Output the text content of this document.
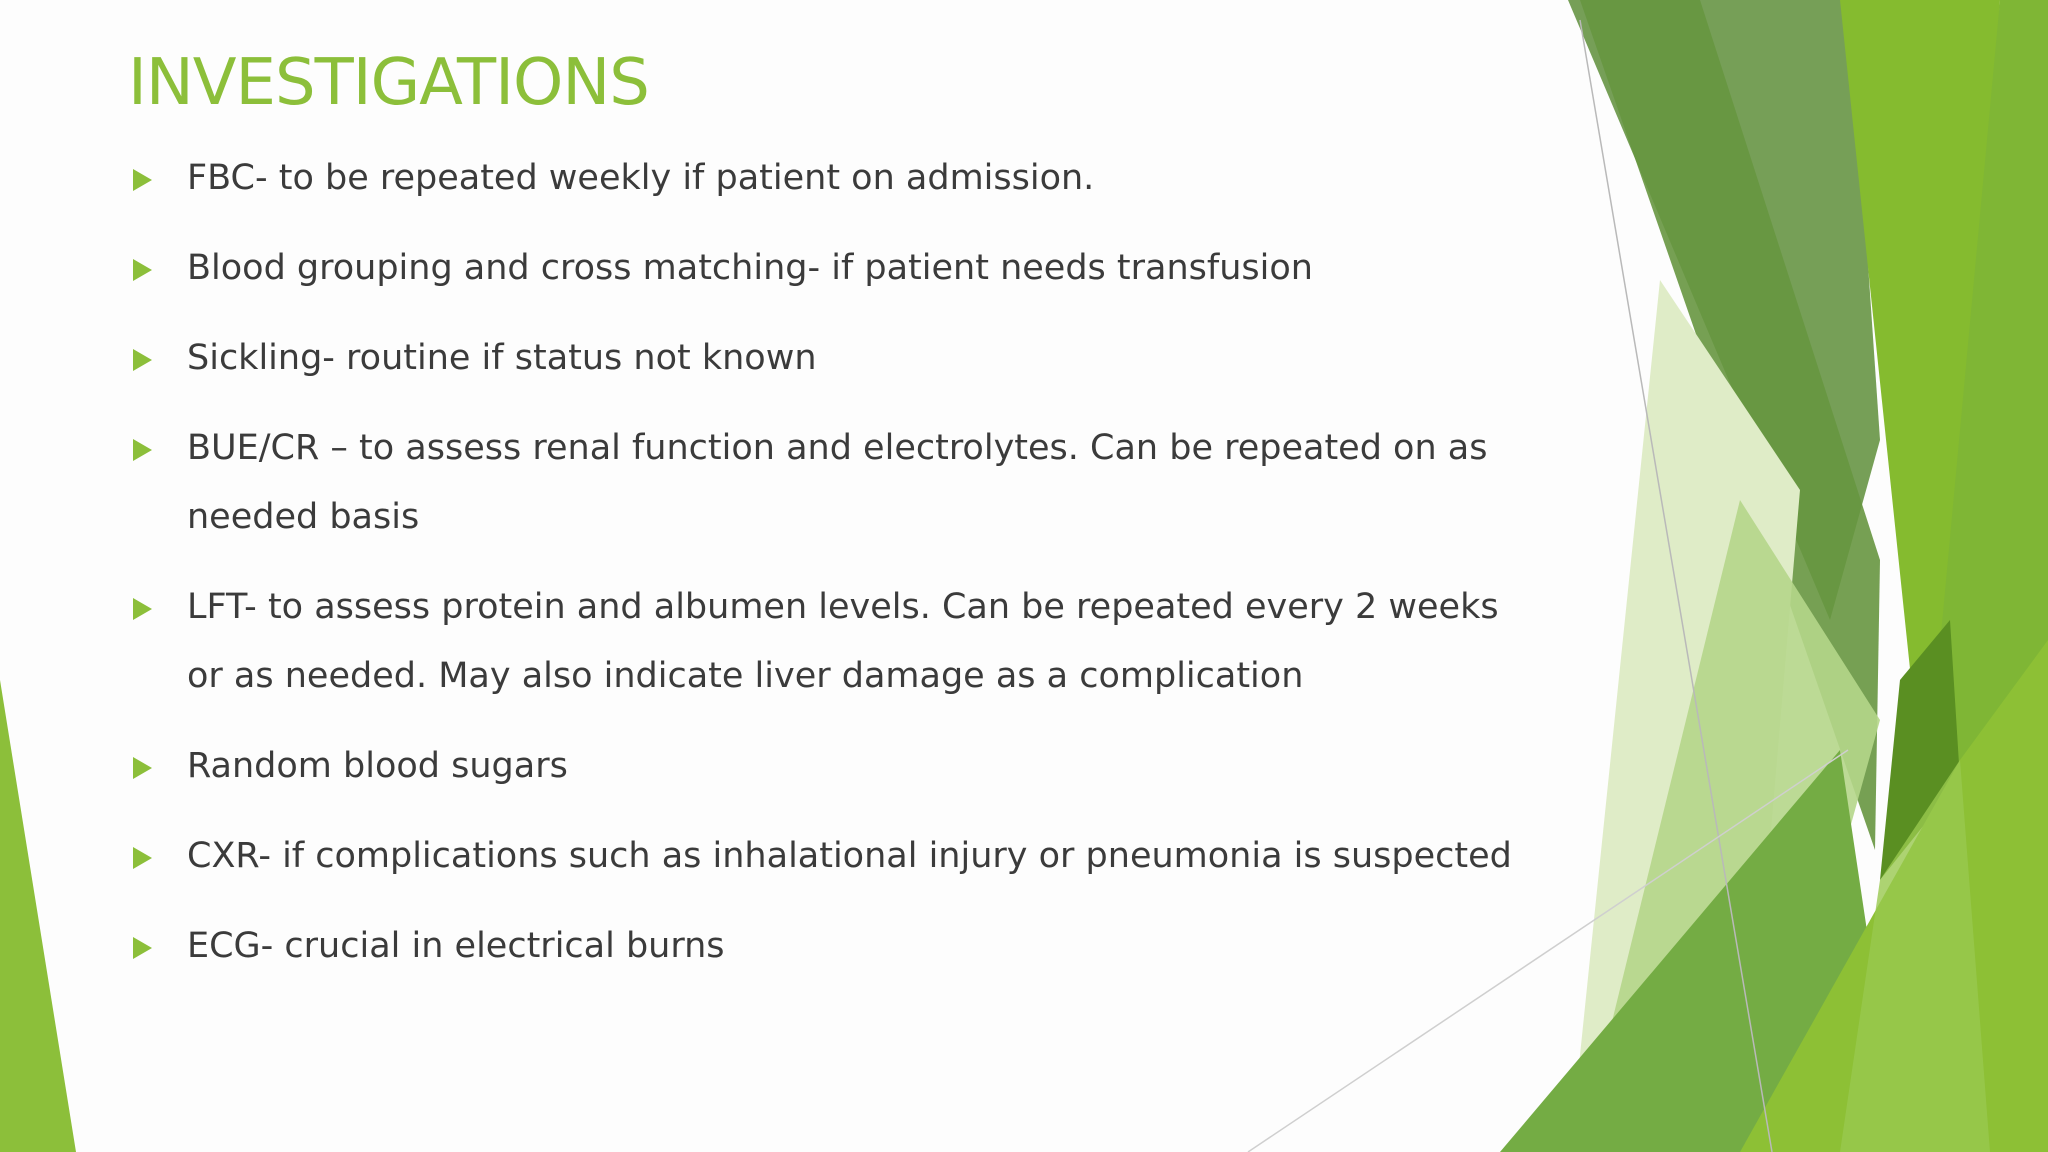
INVESTIGATIONS
FBC- to be repeated weekly if patient on admission.
Blood grouping and cross matching- if patient needs transfusion
Sickling- routine if status not known
BUE/CR – to assess renal function and electrolytes. Can be repeated on as needed basis
LFT- to assess protein and albumen levels. Can be repeated every 2 weeks or as needed. May also indicate liver damage as a complication
Random blood sugars
CXR- if complications such as inhalational injury or pneumonia is suspected
ECG- crucial in electrical burns
